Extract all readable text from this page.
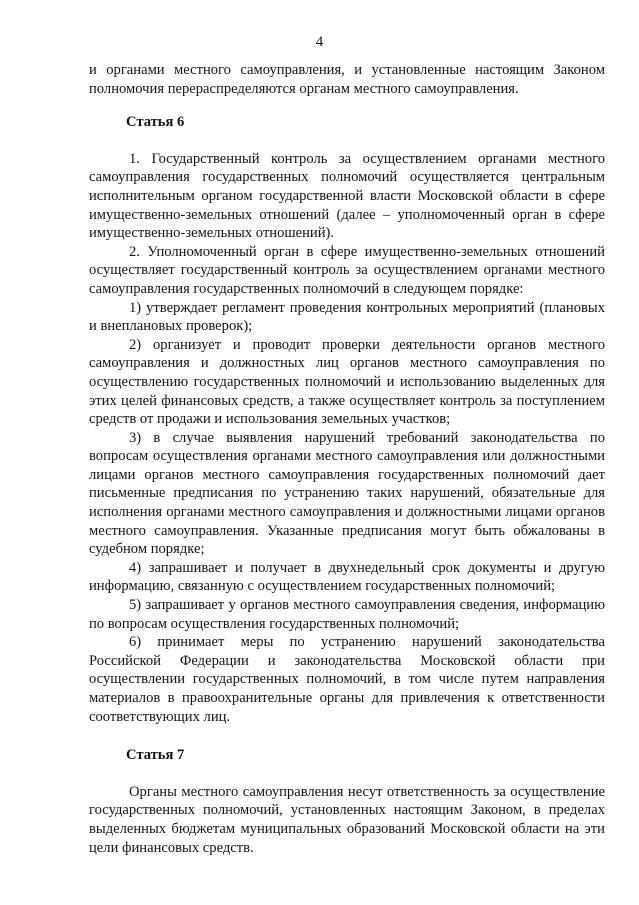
4

и органами местного самоуправления, и установленные настоящим Законом полномочия перераспределяются органам местного самоуправления.

Статья 6

1. Государственный контроль за осуществлением органами местного самоуправления государственных полномочий осуществляется центральным исполнительным органом государственной власти Московской области в сфере имущественно-земельных отношений (далее – уполномоченный орган в сфере имущественно-земельных отношений).

2. Уполномоченный орган в сфере имущественно-земельных отношений осуществляет государственный контроль за осуществлением органами местного самоуправления государственных полномочий в следующем порядке:

1) утверждает регламент проведения контрольных мероприятий (плановых и внеплановых проверок);

2) организует и проводит проверки деятельности органов местного самоуправления и должностных лиц органов местного самоуправления по осуществлению государственных полномочий и использованию выделенных для этих целей финансовых средств, а также осуществляет контроль за поступлением средств от продажи и использования земельных участков;

3) в случае выявления нарушений требований законодательства по вопросам осуществления органами местного самоуправления или должностными лицами органов местного самоуправления государственных полномочий дает письменные предписания по устранению таких нарушений, обязательные для исполнения органами местного самоуправления и должностными лицами органов местного самоуправления. Указанные предписания могут быть обжалованы в судебном порядке;

4) запрашивает и получает в двухнедельный срок документы и другую информацию, связанную с осуществлением государственных полномочий;

5) запрашивает у органов местного самоуправления сведения, информацию по вопросам осуществления государственных полномочий;

6) принимает меры по устранению нарушений законодательства Российской Федерации и законодательства Московской области при осуществлении государственных полномочий, в том числе путем направления материалов в правоохранительные органы для привлечения к ответственности соответствующих лиц.

Статья 7

Органы местного самоуправления несут ответственность за осуществление государственных полномочий, установленных настоящим Законом, в пределах выделенных бюджетам муниципальных образований Московской области на эти цели финансовых средств.
